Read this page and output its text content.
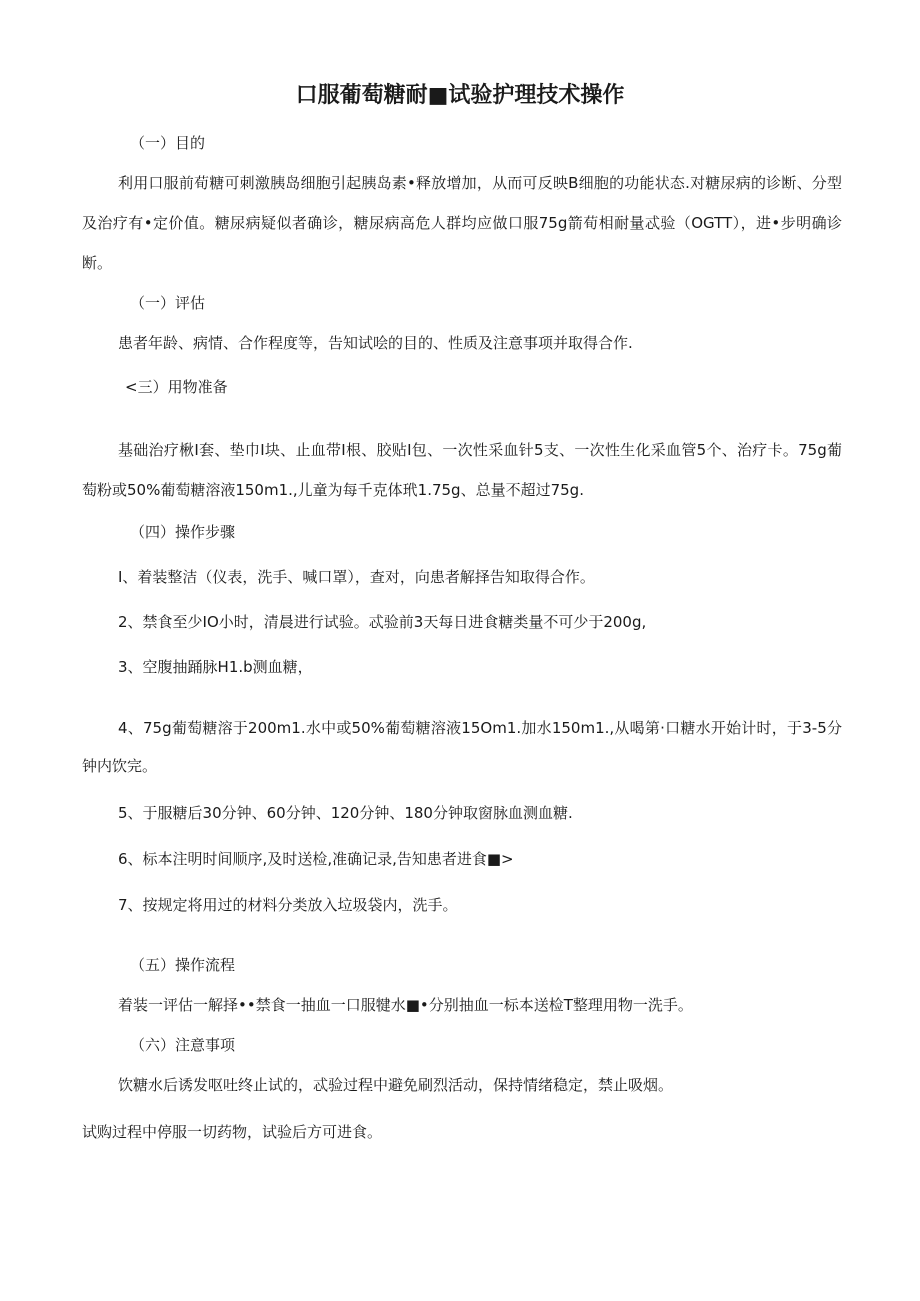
口服葡萄糖耐■试验护理技术操作
（一）目的
利用口服前荀糖可刺激胰岛细胞引起胰岛素•释放增加，从而可反映B细胞的功能状态.对糖尿病的诊断、分型及治疗有•定价值。糖尿病疑似者确诊，糖尿病高危人群均应做口服75g箭荀相耐量忒验（OGTT），进•步明确诊断。
（一）评估
患者年龄、病情、合作程度等，告知试哙的目的、性质及注意事项并取得合作.
<三）用物准备
基础治疗楸I套、垫巾I块、止血带I根、胶贴I包、一次性采血针5支、一次性生化采血管5个、治疗卡。75g葡萄粉或50%葡萄糖溶液150m1.,儿童为每千克体玳1.75g、总量不超过75g.
（四）操作步骤
I、着装整洁（仪表，洗手、喊口罩），查对，向患者解择告知取得合作。
2、禁食至少IO小时，清晨进行试验。忒验前3天每日进食糖类量不可少于200g,
3、空腹抽踊脉H1.b测血糖，
4、75g葡萄糖溶于200m1.水中或50%葡萄糖溶液15Om1.加水150m1.,从喝第·口糖水开始计时，于3-5分钟内饮完。
5、于服糖后30分钟、60分钟、120分钟、180分钟取窗脉血测血糖.
6、标本注明时间顺序,及时送检,准确记录,告知患者进食■>
7、按规定将用过的材料分类放入垃圾袋内，洗手。
（五）操作流程
着装一评估一解择••禁食一抽血一口服犍水■•分别抽血一标本送检T整理用物一洗手。
（六）注意事项
饮糖水后诱发呕吐终止试的，忒验过程中避免刷烈活动，保持情绪稳定，禁止吸烟。
试购过程中停服一切药物，试验后方可进食。
